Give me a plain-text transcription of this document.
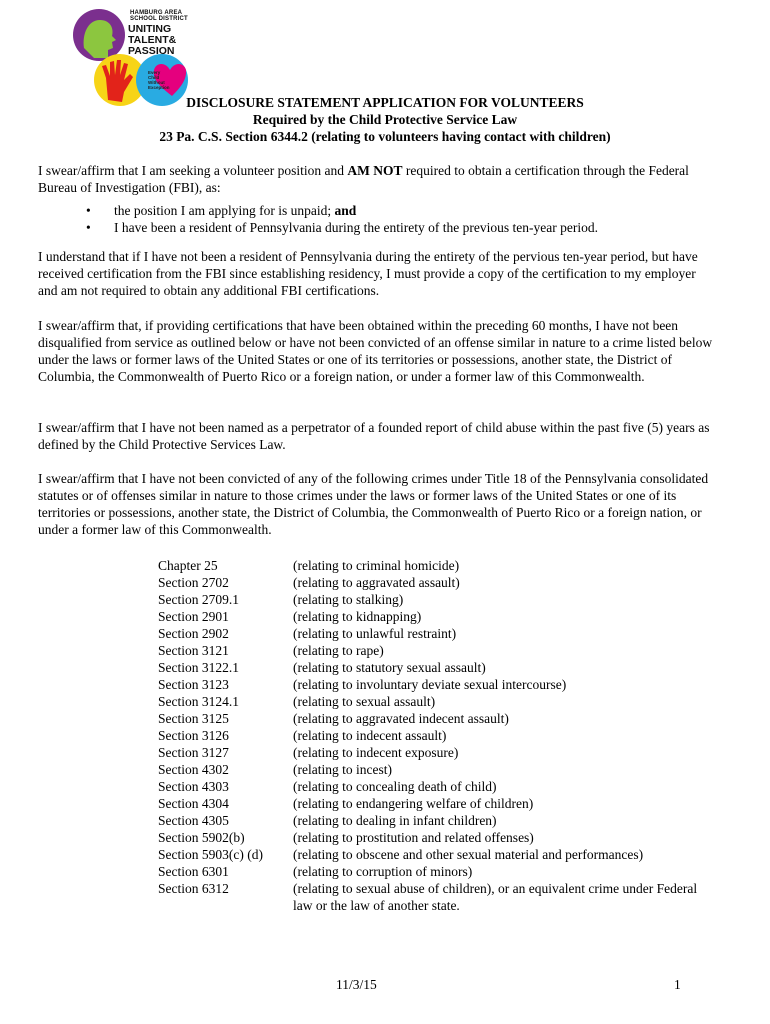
HAMBURG AREA
SCHOOL DISTRICT
UNITING
TALENT&
PASSION
Every Child Without Exception
DISCLOSURE STATEMENT APPLICATION FOR VOLUNTEERS
Required by the Child Protective Service Law
23 Pa. C.S. Section 6344.2 (relating to volunteers having contact with children)
I swear/affirm that I am seeking a volunteer position and AM NOT required to obtain a certification through the Federal Bureau of Investigation (FBI), as:
• the position I am applying for is unpaid; and
• I have been a resident of Pennsylvania during the entirety of the previous ten-year period.
I understand that if I have not been a resident of Pennsylvania during the entirety of the pervious ten-year period, but have received certification from the FBI since establishing residency, I must provide a copy of the certification to my employer and am not required to obtain any additional FBI certifications.
I swear/affirm that, if providing certifications that have been obtained within the preceding 60 months, I have not been disqualified from service as outlined below or have not been convicted of an offense similar in nature to a crime listed below under the laws or former laws of the United States or one of its territories or possessions, another state, the District of Columbia, the Commonwealth of Puerto Rico or a foreign nation, or under a former law of this Commonwealth.
I swear/affirm that I have not been named as a perpetrator of a founded report of child abuse within the past five (5) years as defined by the Child Protective Services Law.
I swear/affirm that I have not been convicted of any of the following crimes under Title 18 of the Pennsylvania consolidated statutes or of offenses similar in nature to those crimes under the laws or former laws of the United States or one of its territories or possessions, another state, the District of Columbia, the Commonwealth of Puerto Rico or a foreign nation, or under a former law of this Commonwealth.
Chapter 25	(relating to criminal homicide)
Section 2702	(relating to aggravated assault)
Section 2709.1	(relating to stalking)
Section 2901	(relating to kidnapping)
Section 2902	(relating to unlawful restraint)
Section 3121	(relating to rape)
Section 3122.1	(relating to statutory sexual assault)
Section 3123	(relating to involuntary deviate sexual intercourse)
Section 3124.1	(relating to sexual assault)
Section 3125	(relating to aggravated indecent assault)
Section 3126	(relating to indecent assault)
Section 3127	(relating to indecent exposure)
Section 4302	(relating to incest)
Section 4303	(relating to concealing death of child)
Section 4304	(relating to endangering welfare of children)
Section 4305	(relating to dealing in infant children)
Section 5902(b)	(relating to prostitution and related offenses)
Section 5903(c) (d)	(relating to obscene and other sexual material and performances)
Section 6301	(relating to corruption of minors)
Section 6312	(relating to sexual abuse of children), or an equivalent crime under Federal law or the law of another state.
11/3/15	1
